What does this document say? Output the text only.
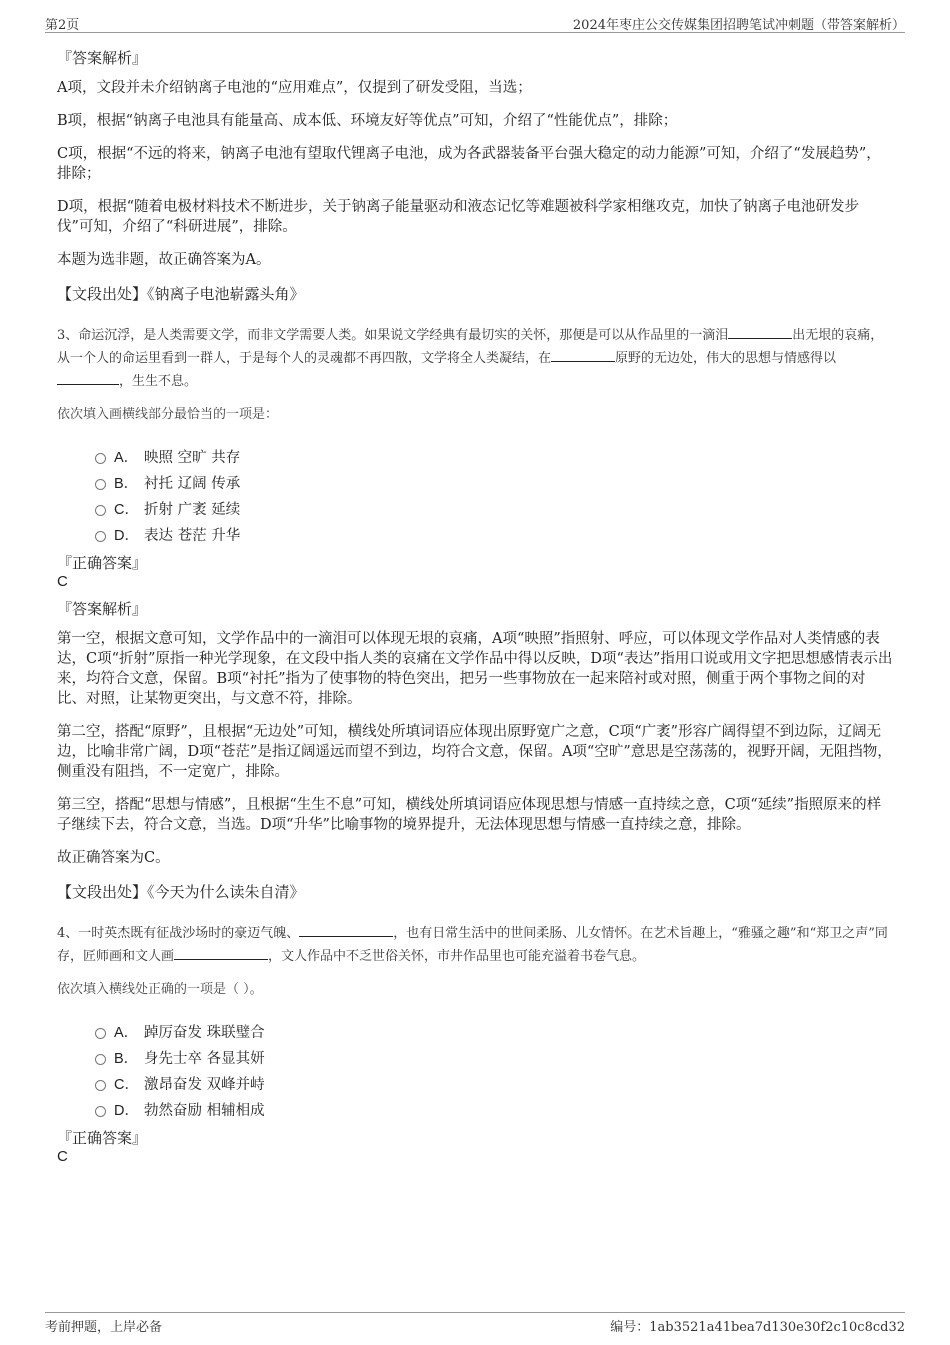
第2页	2024年枣庄公交传媒集团招聘笔试冲刺题（带答案解析）
『答案解析』

A项，文段并未介绍钠离子电池的“应用难点”，仅提到了研发受阻，当选；

B项，根据“钠离子电池具有能量高、成本低、环境友好等优点”可知，介绍了“性能优点”，排除；

C项，根据“不远的将来，钠离子电池有望取代锂离子电池，成为各武器装备平台强大稳定的动力能源”可知，介绍了“发展趋势”，排除；

D项，根据“随着电极材料技术不断进步，关于钠离子能量驱动和液态记忆等难题被科学家相继攻克，加快了钠离子电池研发步伐”可知，介绍了“科研进展”，排除。

本题为选非题，故正确答案为A。

【文段出处】《钠离子电池崭露头角》

3、命运沉浮，是人类需要文学，而非文学需要人类。如果说文学经典有最切实的关怀，那便是可以从作品里的一滴泪	出无垠的哀痛，从一个人的命运里看到一群人，于是每个人的灵魂都不再四散，文学将全人类凝结，在	原野的无边处，伟大的思想与情感得以，生生不息。

依次填入画横线部分最恰当的一项是：
A． 映照 空旷 共存
B． 衬托 辽阔 传承
C． 折射 广袤 延续
D． 表达 苍茫 升华
『正确答案』
C
『答案解析』

第一空，根据文意可知，文学作品中的一滴泪可以体现无垠的哀痛，A项“映照”指照射、呼应，可以体现文学作品对人类情感的表达，C项“折射”原指一种光学现象，在文段中指人类的哀痛在文学作品中得以反映，D项“表达”指用口说或用文字把思想感情表示出来，均符合文意，保留。B项“衬托”指为了使事物的特色突出，把另一些事物放在一起来陪衬或对照，侧重于两个事物之间的对比、对照，让某物更突出，与文意不符，排除。

第二空，搭配“原野”，且根据“无边处”可知，横线处所填词语应体现出原野宽广之意，C项“广袤”形容广阔得望不到边际，辽阔无边，比喻非常广阔，D项“苍茫”是指辽阔遥远而望不到边，均符合文意，保留。A项“空旷”意思是空荡荡的，视野开阔，无阻挡物，侧重没有阻挡，不一定宽广，排除。

第三空，搭配“思想与情感”，且根据“生生不息”可知，横线处所填词语应体现思想与情感一直持续之意，C项“延续”指照原来的样子继续下去，符合文意，当选。D项“升华”比喻事物的境界提升，无法体现思想与情感一直持续之意，排除。

故正确答案为C。

【文段出处】《今天为什么读朱自清》

4、一时英杰既有征战沙场时的豪迈气魄、	，也有日常生活中的世间柔肠、儿女情怀。在艺术旨趣上，“雅骚之趣”和“郑卫之声”同存，匠师画和文人画	，文人作品中不乏世俗关怀，市井作品里也可能充溢着书卷气息。

依次填入横线处正确的一项是（ ）。
A． 踔厉奋发 珠联璧合
B． 身先士卒 各显其妍
C． 激昂奋发 双峰并峙
D． 勃然奋励 相辅相成
『正确答案』
C
考前押题，上岸必备	编号：1ab3521a41bea7d130e30f2c10c8cd32
